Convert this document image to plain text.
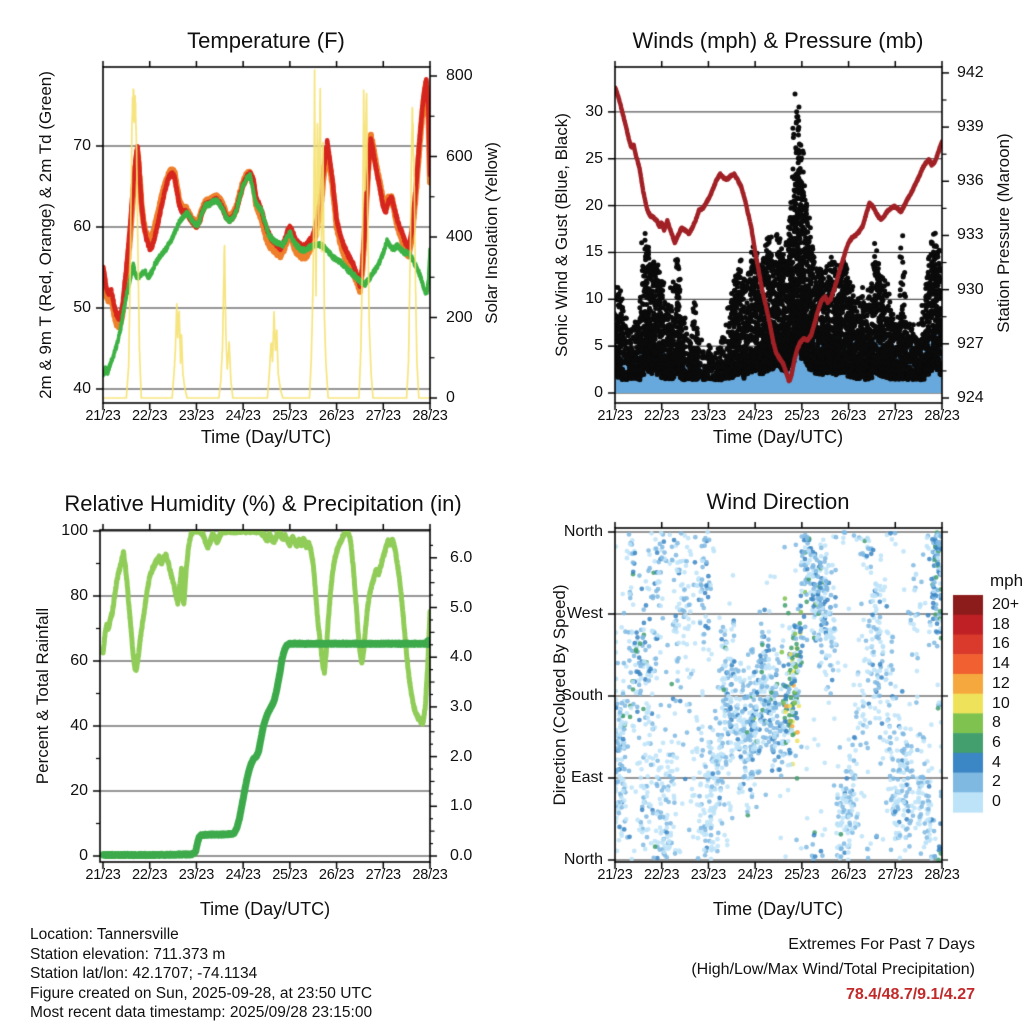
Temperature (F)	Winds (mph) & Pressure (mb)
Relative Humidity (%) & Precipitation (in)	Wind Direction
2m & 9m T (Red, Orange) & 2m Td (Green)	Solar Insolation (Yellow)	Sonic Wind & Gust (Blue, Black)	Station Pressure (Maroon)
Percent & Total Rainfall	Direction (Colored By Speed)
Time (Day/UTC)	Time (Day/UTC)
Time (Day/UTC)	Time (Day/UTC)
mph
21/23 22/23 23/23 24/23 25/23 26/23 27/23 28/23
40
50
60
70
0
200
400
600
800
21/23 22/23 23/23 24/23 25/23 26/23 27/23 28/23
0
5
10
15
20
25
30
924
927
930
933
936
939
942
21/23 22/23 23/23 24/23 25/23 26/23 27/23 28/23
0
20
40
60
80
100
0.0
1.0
2.0
3.0
4.0
5.0
6.0
21/23 22/23 23/23 24/23 25/23 26/23 27/23 28/23
North
West
South
East
North
20+
18
16
14
12
10
8
6
4
2
0
Location: Tannersville
Station elevation: 711.373 m
Station lat/lon: 42.1707; -74.1134
Figure created on Sun, 2025-09-28, at 23:50 UTC
Most recent data timestamp: 2025/09/28 23:15:00
Extremes For Past 7 Days
(High/Low/Max Wind/Total Precipitation)
78.4/48.7/9.1/4.27
